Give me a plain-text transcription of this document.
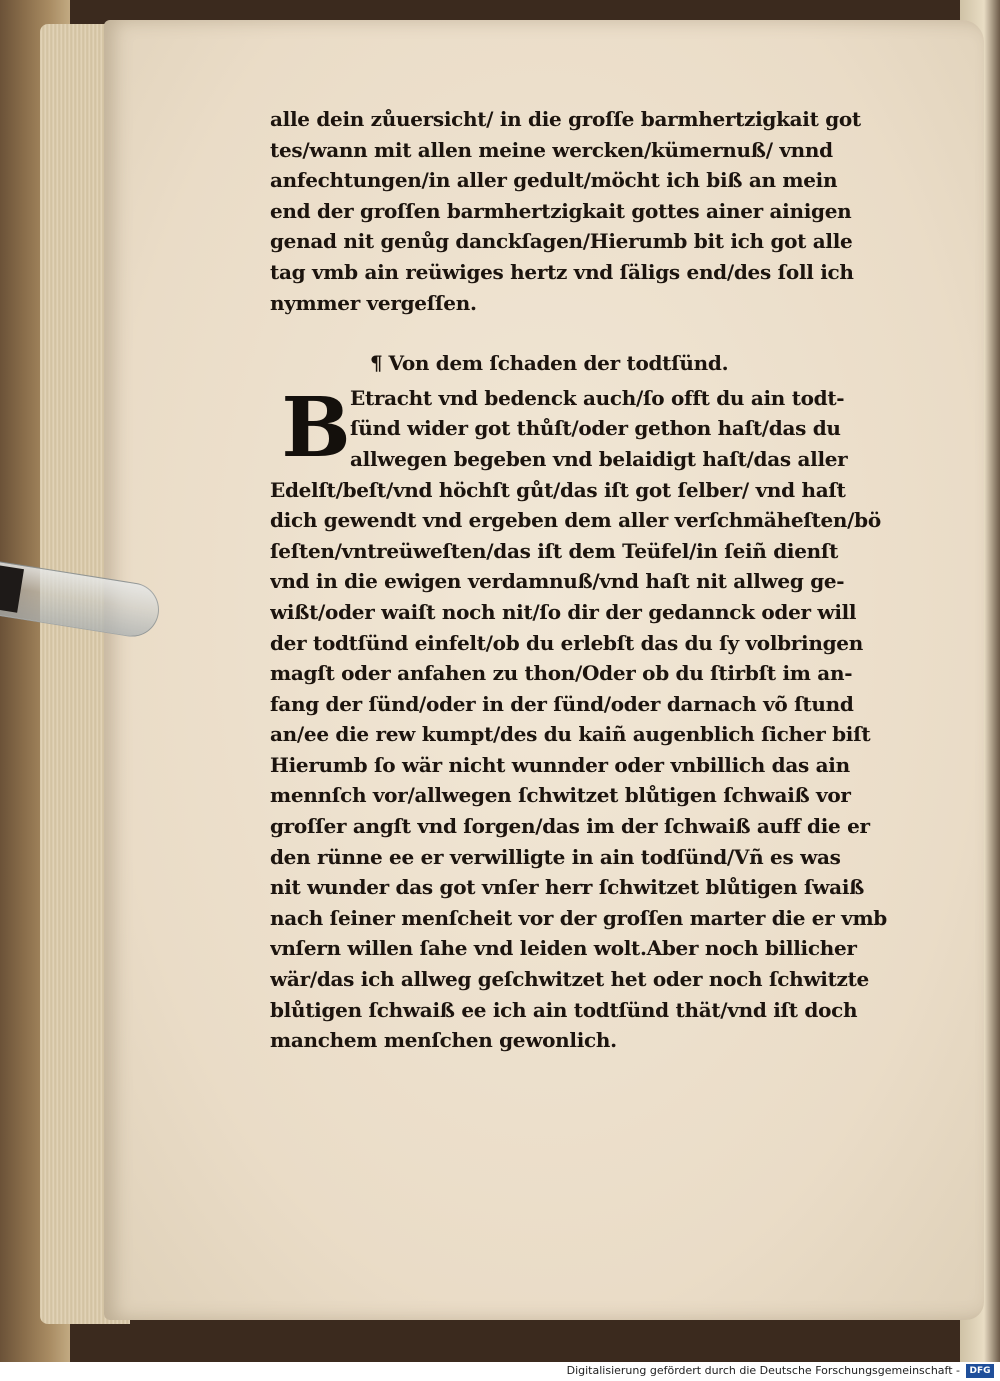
B
alle dein zůuersicht/ in die groſſe barmhertzigkait got
tes/wann mit allen meine wercken/kümernuß/ vnnd
anfechtungen/in aller gedult/möcht ich biß an mein
end der groſſen barmhertzigkait gottes ainer ainigen
genad nit genůg danckſagen/Hierumb bit ich got alle
tag vmb ain reüwiges hertz vnd ſäligs end/des ſoll ich
nymmer vergeſſen.
¶ Von dem ſchaden der todtſünd.
Etracht vnd bedenck auch/ſo offt du ain todt-
ſünd wider got thůſt/oder gethon haſt/das du
allwegen begeben vnd belaidigt haſt/das aller
Edelſt/beſt/vnd höchſt gůt/das iſt got ſelber/ vnd haſt
dich gewendt vnd ergeben dem aller verſchmäheſten/bö
ſeſten/vntreüweſten/das iſt dem Teüfel/in ſeiñ dienſt
vnd in die ewigen verdamnuß/vnd haſt nit allweg ge-
wißt/oder waiſt noch nit/ſo dir der gedannck oder will
der todtſünd einfelt/ob du erlebſt das du ſy volbringen
magſt oder anfahen zu thon/Oder ob du ſtirbſt im an-
fang der ſünd/oder in der ſünd/oder darnach võ ſtund
an/ee die rew kumpt/des du kaiñ augenblich ſicher biſt
Hierumb ſo wär nicht wunnder oder vnbillich das ain
mennſch vor/allwegen ſchwitzet blůtigen ſchwaiß vor
groſſer angſt vnd ſorgen/das im der ſchwaiß auff die er
den rünne ee er verwilligte in ain todſünd/Vñ es was
nit wunder das got vnſer herr ſchwitzet blůtigen ſwaiß
nach ſeiner menſcheit vor der groſſen marter die er vmb
vnſern willen ſahe vnd leiden wolt.Aber noch billicher
wär/das ich allweg geſchwitzet het oder noch ſchwitzte
blůtigen ſchwaiß ee ich ain todtſünd thät/vnd iſt doch
manchem menſchen gewonlich.
Digitalisierung gefördert durch die Deutsche Forschungsgemeinschaft -	DFG
